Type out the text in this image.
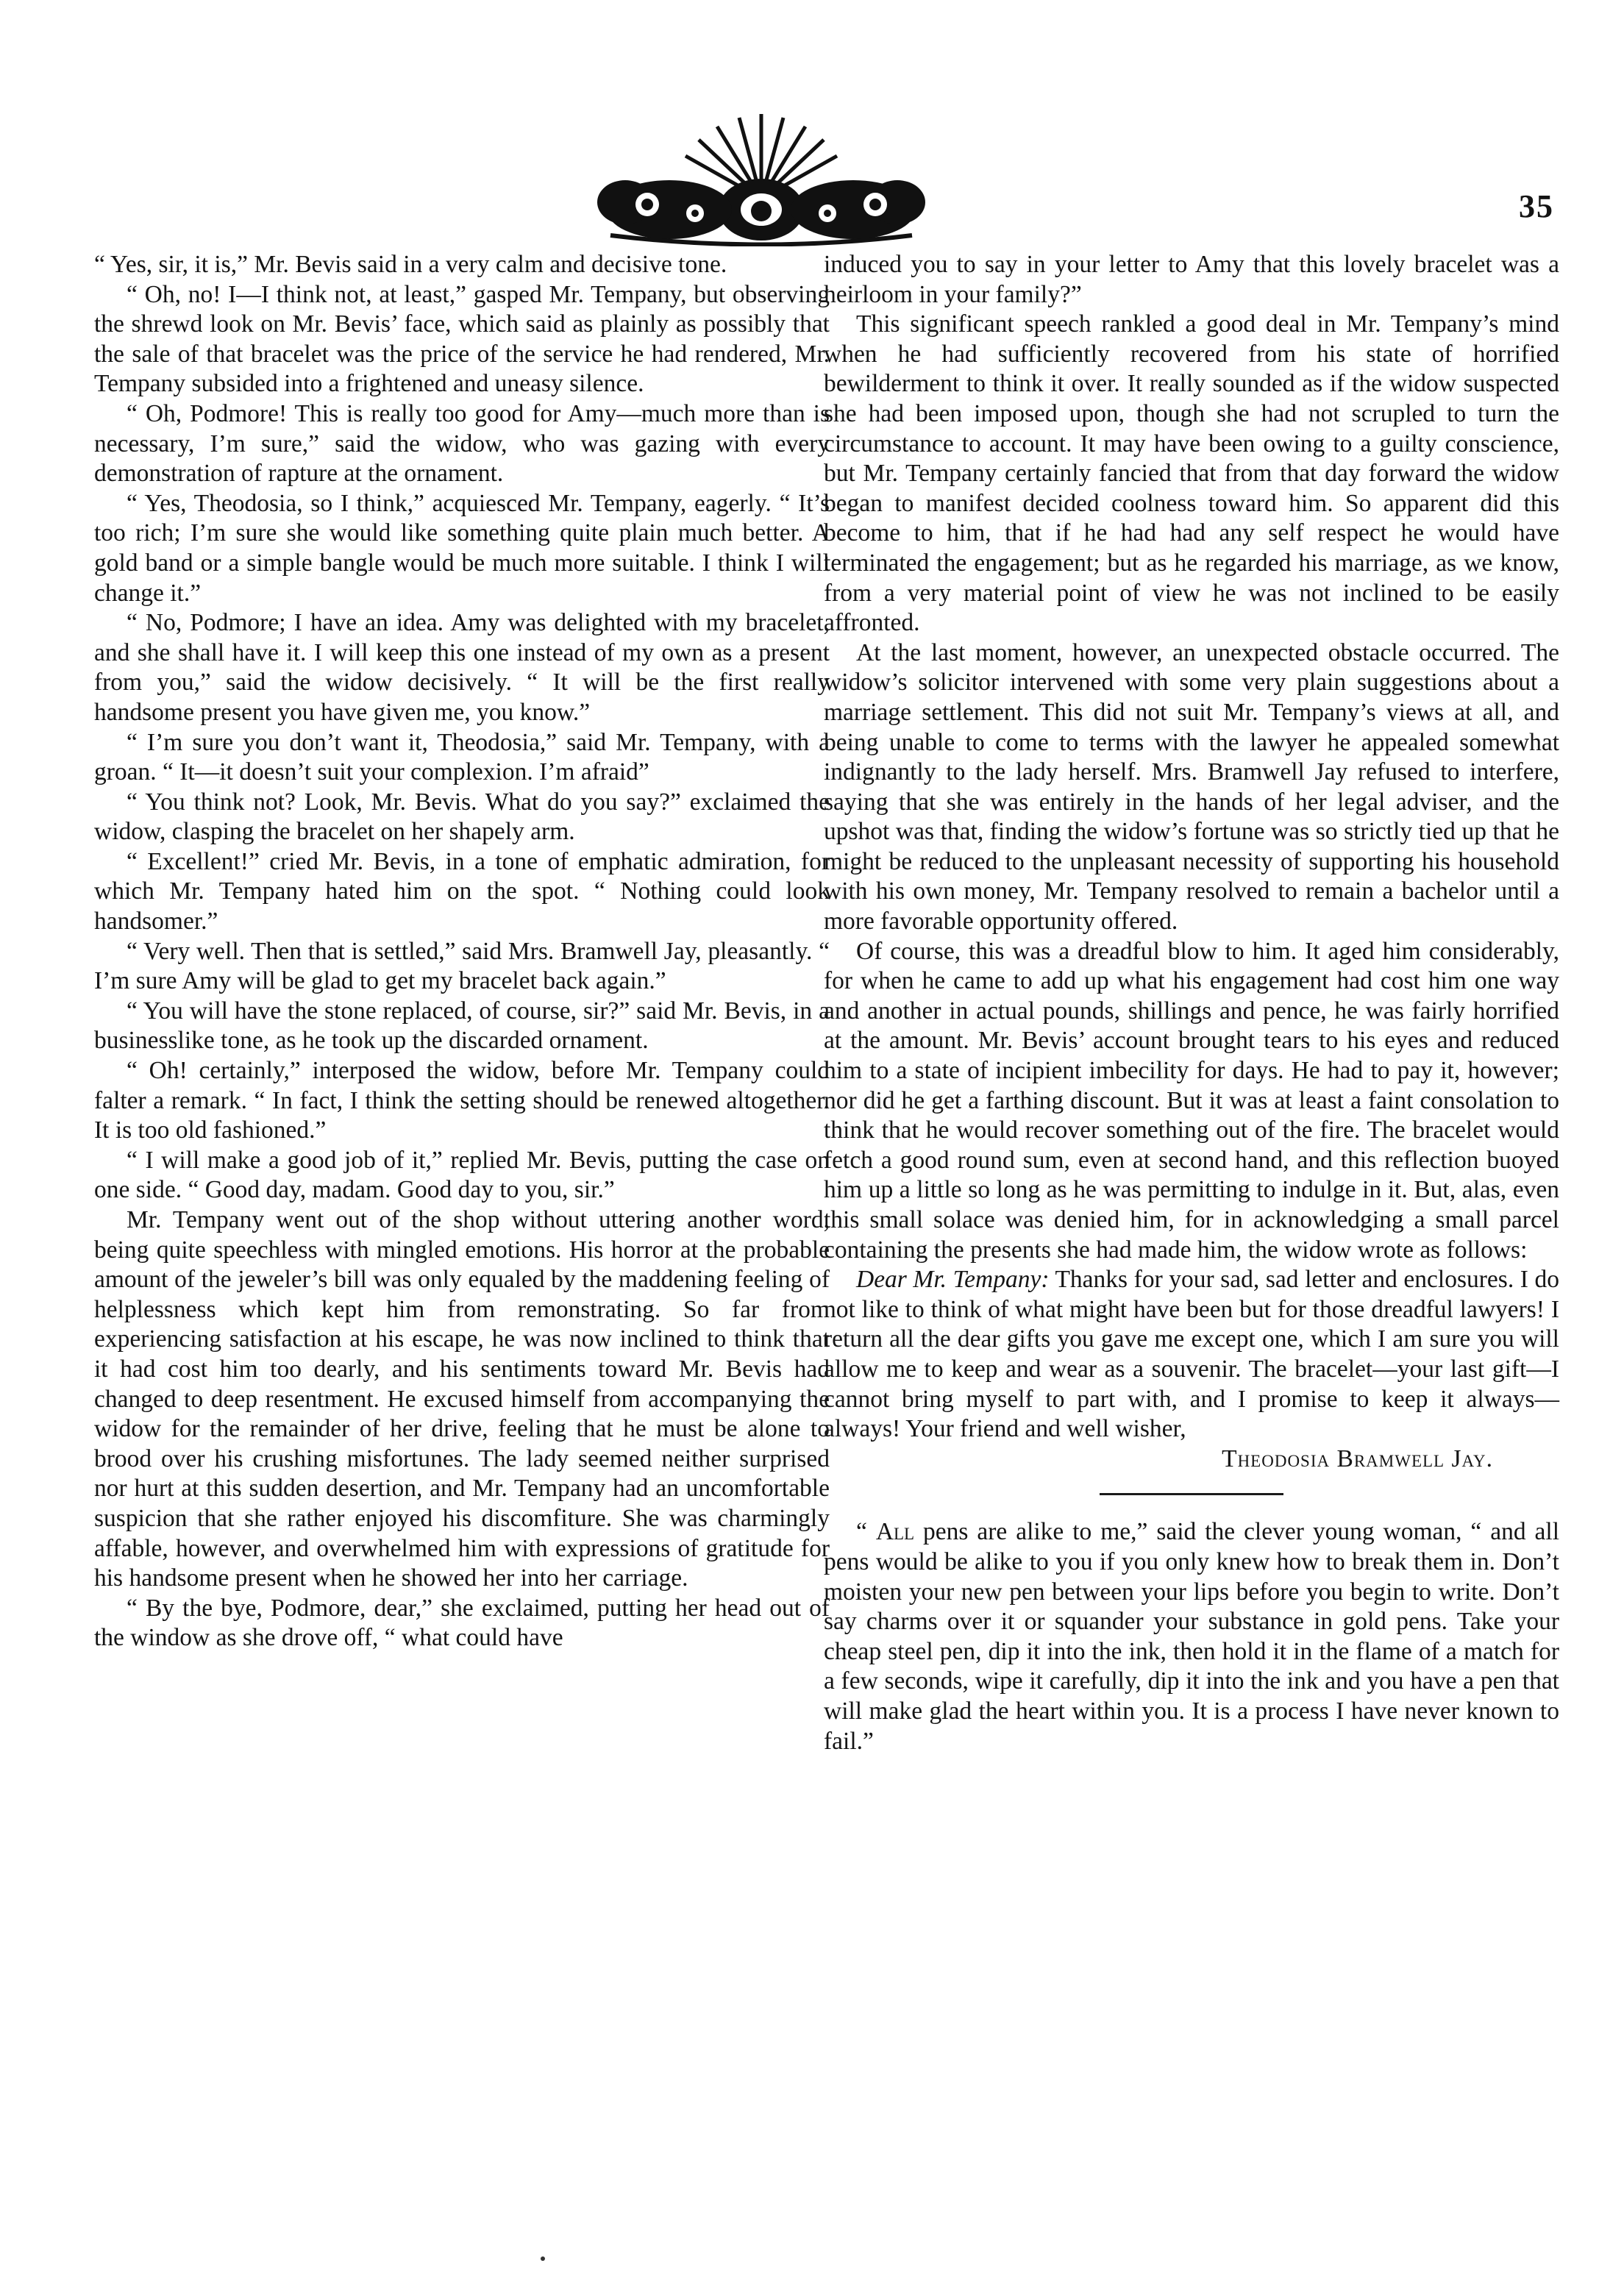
35

“ Yes, sir, it is,” Mr. Bevis said in a very calm and decisive tone.

“ Oh, no! I—I think not, at least,” gasped Mr. Tempany, but observing the shrewd look on Mr. Bevis’ face, which said as plainly as possibly that the sale of that bracelet was the price of the service he had rendered, Mr. Tempany subsided into a frightened and uneasy silence.

“ Oh, Podmore! This is really too good for Amy—much more than is necessary, I’m sure,” said the widow, who was gazing with every demonstration of rapture at the ornament.

“ Yes, Theodosia, so I think,” acquiesced Mr. Tempany, eagerly. “ It’s too rich; I’m sure she would like something quite plain much better. A gold band or a simple bangle would be much more suitable. I think I will change it.”

“ No, Podmore; I have an idea. Amy was delighted with my bracelet, and she shall have it. I will keep this one instead of my own as a present from you,” said the widow decisively. “ It will be the first really handsome present you have given me, you know.”

“ I’m sure you don’t want it, Theodosia,” said Mr. Tempany, with a groan. “ It—it doesn’t suit your complexion. I’m afraid”

“ You think not? Look, Mr. Bevis. What do you say?” exclaimed the widow, clasping the bracelet on her shapely arm.

“ Excellent!” cried Mr. Bevis, in a tone of emphatic admiration, for which Mr. Tempany hated him on the spot. “ Nothing could look handsomer.”

“ Very well. Then that is settled,” said Mrs. Bramwell Jay, pleasantly. “ I’m sure Amy will be glad to get my bracelet back again.”

“ You will have the stone replaced, of course, sir?” said Mr. Bevis, in a businesslike tone, as he took up the discarded ornament.

“ Oh! certainly,” interposed the widow, before Mr. Tempany could falter a remark. “ In fact, I think the setting should be renewed altogether. It is too old fashioned.”

“ I will make a good job of it,” replied Mr. Bevis, putting the case on one side. “ Good day, madam. Good day to you, sir.”

Mr. Tempany went out of the shop without uttering another word, being quite speechless with mingled emotions. His horror at the probable amount of the jeweler’s bill was only equaled by the maddening feeling of helplessness which kept him from remonstrating. So far from experiencing satisfaction at his escape, he was now inclined to think that it had cost him too dearly, and his sentiments toward Mr. Bevis had changed to deep resentment. He excused himself from accompanying the widow for the remainder of her drive, feeling that he must be alone to brood over his crushing misfortunes. The lady seemed neither surprised nor hurt at this sudden desertion, and Mr. Tempany had an uncomfortable suspicion that she rather enjoyed his discomfiture. She was charmingly affable, however, and overwhelmed him with expressions of gratitude for his handsome present when he showed her into her carriage.

“ By the bye, Podmore, dear,” she exclaimed, putting her head out of the window as she drove off, “ what could have

induced you to say in your letter to Amy that this lovely bracelet was a heirloom in your family?”

This significant speech rankled a good deal in Mr. Tempany’s mind when he had sufficiently recovered from his state of horrified bewilderment to think it over. It really sounded as if the widow suspected she had been imposed upon, though she had not scrupled to turn the circumstance to account. It may have been owing to a guilty conscience, but Mr. Tempany certainly fancied that from that day forward the widow began to manifest decided coolness toward him. So apparent did this become to him, that if he had had any self respect he would have terminated the engagement; but as he regarded his marriage, as we know, from a very material point of view he was not inclined to be easily affronted.

At the last moment, however, an unexpected obstacle occurred. The widow’s solicitor intervened with some very plain suggestions about a marriage settlement. This did not suit Mr. Tempany’s views at all, and being unable to come to terms with the lawyer he appealed somewhat indignantly to the lady herself. Mrs. Bramwell Jay refused to interfere, saying that she was entirely in the hands of her legal adviser, and the upshot was that, finding the widow’s fortune was so strictly tied up that he might be reduced to the unpleasant necessity of supporting his household with his own money, Mr. Tempany resolved to remain a bachelor until a more favorable opportunity offered.

Of course, this was a dreadful blow to him. It aged him considerably, for when he came to add up what his engagement had cost him one way and another in actual pounds, shillings and pence, he was fairly horrified at the amount. Mr. Bevis’ account brought tears to his eyes and reduced him to a state of incipient imbecility for days. He had to pay it, however; nor did he get a farthing discount. But it was at least a faint consolation to think that he would recover something out of the fire. The bracelet would fetch a good round sum, even at second hand, and this reflection buoyed him up a little so long as he was permitting to indulge in it. But, alas, even this small solace was denied him, for in acknowledging a small parcel containing the presents she had made him, the widow wrote as follows:

Dear Mr. Tempany: Thanks for your sad, sad letter and enclosures. I do not like to think of what might have been but for those dreadful lawyers! I return all the dear gifts you gave me except one, which I am sure you will allow me to keep and wear as a souvenir. The bracelet—your last gift—I cannot bring myself to part with, and I promise to keep it always—always! Your friend and well wisher,

Theodosia Bramwell Jay.

“ All pens are alike to me,” said the clever young woman, “ and all pens would be alike to you if you only knew how to break them in. Don’t moisten your new pen between your lips before you begin to write. Don’t say charms over it or squander your substance in gold pens. Take your cheap steel pen, dip it into the ink, then hold it in the flame of a match for a few seconds, wipe it carefully, dip it into the ink and you have a pen that will make glad the heart within you. It is a process I have never known to fail.”
